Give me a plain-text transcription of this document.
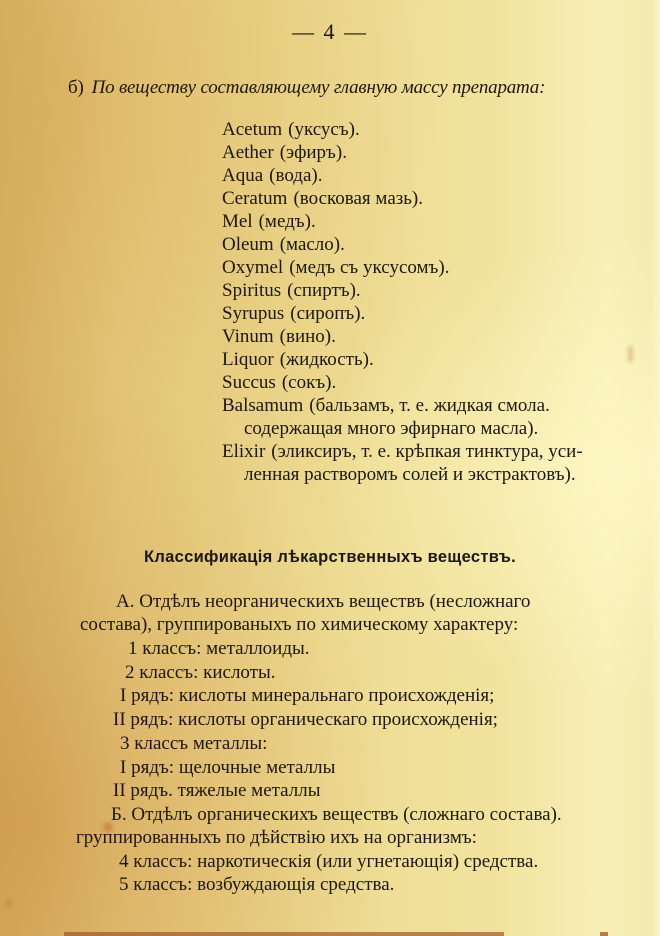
— 4 —
б) По веществу составляющему главную массу препарата:
Acetum (уксусъ).
Aether (эфиръ).
Aqua (вода).
Ceratum (восковая мазь).
Mel (медъ).
Oleum (масло).
Oxymel (медъ съ уксусомъ).
Spiritus (спиртъ).
Syrupus (сиропъ).
Vinum (вино).
Liquor (жидкость).
Succus (сокъ).
Balsamum (бальзамъ, т. е. жидкая смола.
содержащая много эфирнаго масла).
Elixir (эликсиръ, т. е. крѣпкая тинктура, уси-
ленная растворомъ солей и экстрактовъ).
Классификація лѣкарственныхъ веществъ.
А. Отдѣлъ неорганическихъ веществъ (несложнаго
состава), группированыхъ по химическому характеру:
1 классъ: металлоиды.
2 классъ: кислоты.
I рядъ: кислоты минеральнаго происхожденія;
II рядъ: кислоты органическаго происхожденія;
3 классъ металлы:
I рядъ: щелочные металлы
II рядъ. тяжелые металлы
Б. Отдѣлъ органическихъ веществъ (сложнаго состава).
группированныхъ по дѣйствію ихъ на организмъ:
4 классъ: наркотическія (или угнетающія) средства.
5 классъ: возбуждающія средства.
